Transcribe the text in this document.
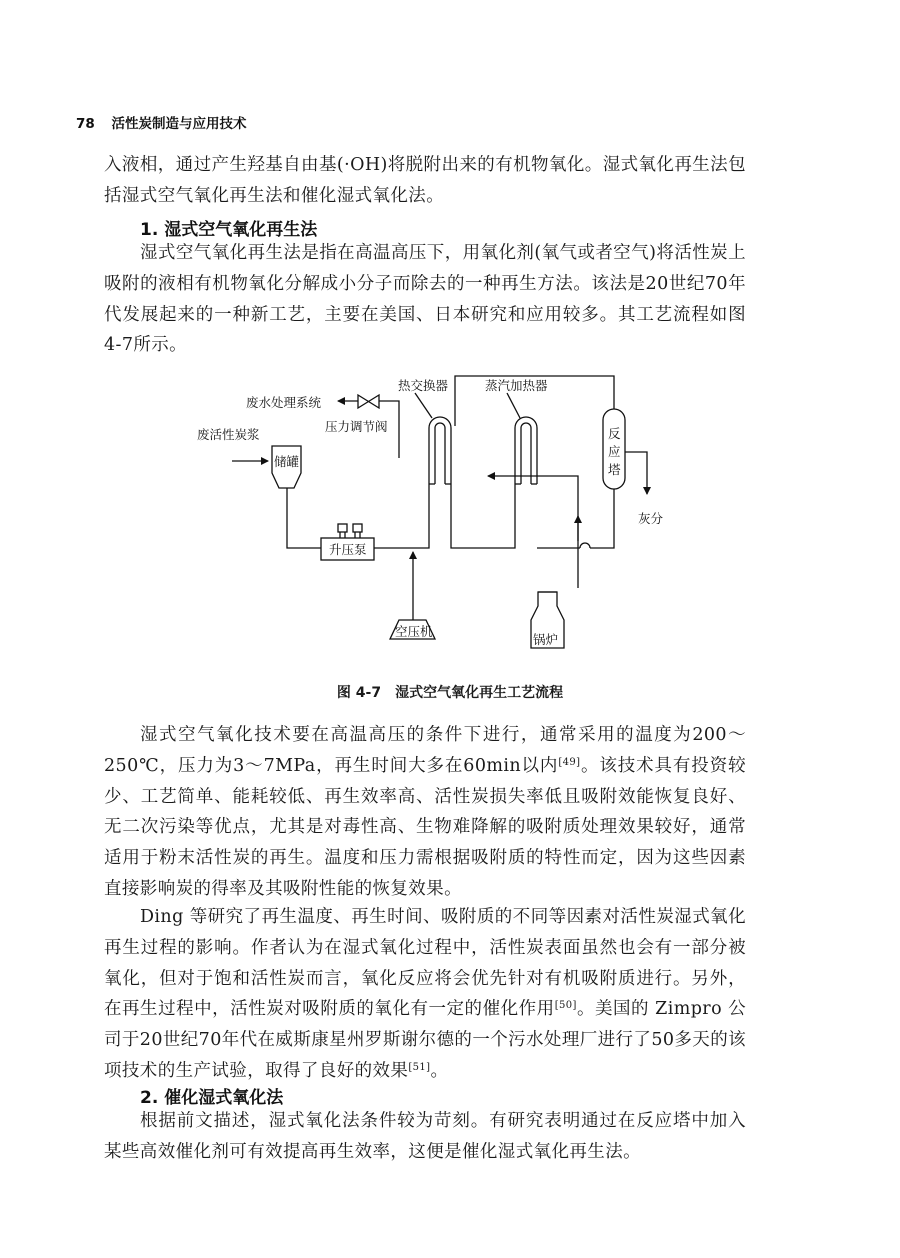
78 活性炭制造与应用技术

入液相，通过产生羟基自由基(·OH)将脱附出来的有机物氧化。湿式氧化再生法包括湿式空气氧化再生法和催化湿式氧化法。

1. 湿式空气氧化再生法

湿式空气氧化再生法是指在高温高压下，用氧化剂(氧气或者空气)将活性炭上吸附的液相有机物氧化分解成小分子而除去的一种再生方法。该法是20世纪70年代发展起来的一种新工艺，主要在美国、日本研究和应用较多。其工艺流程如图4-7所示。

废水处理系统
热交换器	蒸汽加热器
压力调节阀
废活性炭浆
储罐
反
应
塔
灰分
升压泵
空压机
锅炉
图 4-7 湿式空气氧化再生工艺流程

湿式空气氧化技术要在高温高压的条件下进行，通常采用的温度为200～250℃，压力为3～7MPa，再生时间大多在60min以内[49]。该技术具有投资较少、工艺简单、能耗较低、再生效率高、活性炭损失率低且吸附效能恢复良好、无二次污染等优点，尤其是对毒性高、生物难降解的吸附质处理效果较好，通常适用于粉末活性炭的再生。温度和压力需根据吸附质的特性而定，因为这些因素直接影响炭的得率及其吸附性能的恢复效果。

Ding 等研究了再生温度、再生时间、吸附质的不同等因素对活性炭湿式氧化再生过程的影响。作者认为在湿式氧化过程中，活性炭表面虽然也会有一部分被氧化，但对于饱和活性炭而言，氧化反应将会优先针对有机吸附质进行。另外，在再生过程中，活性炭对吸附质的氧化有一定的催化作用[50]。美国的 Zimpro 公司于20世纪70年代在威斯康星州罗斯谢尔德的一个污水处理厂进行了50多天的该项技术的生产试验，取得了良好的效果[51]。

2. 催化湿式氧化法

根据前文描述，湿式氧化法条件较为苛刻。有研究表明通过在反应塔中加入某些高效催化剂可有效提高再生效率，这便是催化湿式氧化再生法。
